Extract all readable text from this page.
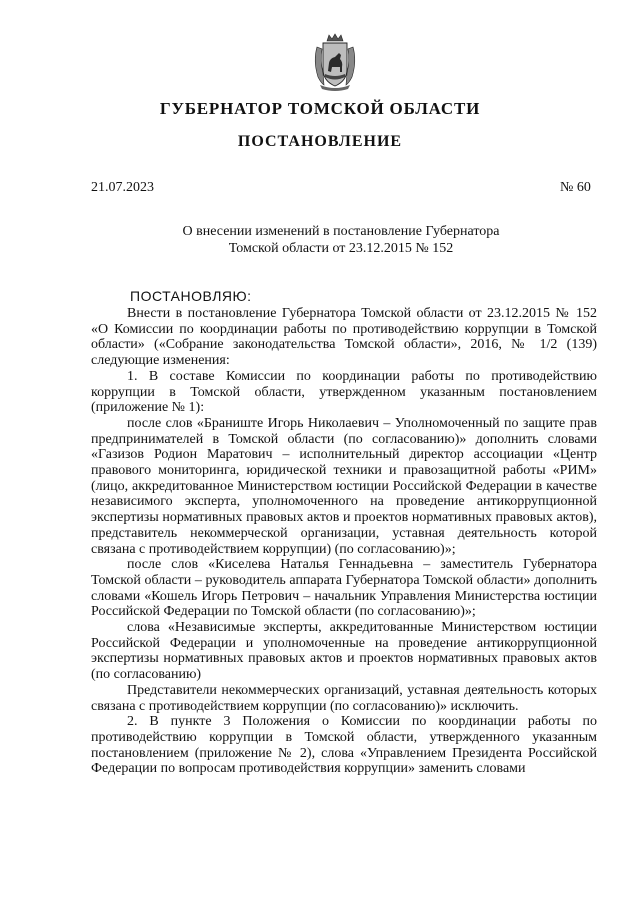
ГУБЕРНАТОР ТОМСКОЙ ОБЛАСТИ
ПОСТАНОВЛЕНИЕ
21.07.2023	№ 60
О внесении изменений в постановление Губернатора
Томской области от 23.12.2015 № 152
ПОСТАНОВЛЯЮ:

Внести в постановление Губернатора Томской области от 23.12.2015 № 152 «О Комиссии по координации работы по противодействию коррупции в Томской области» («Собрание законодательства Томской области», 2016, № 1/2 (139) следующие изменения:

1. В составе Комиссии по координации работы по противодействию коррупции в Томской области, утвержденном указанным постановлением (приложение № 1):

после слов «Браниште Игорь Николаевич – Уполномоченный по защите прав предпринимателей в Томской области (по согласованию)» дополнить словами «Газизов Родион Маратович – исполнительный директор ассоциации «Центр правового мониторинга, юридической техники и правозащитной работы «РИМ» (лицо, аккредитованное Министерством юстиции Российской Федерации в качестве независимого эксперта, уполномоченного на проведение антикоррупционной экспертизы нормативных правовых актов и проектов нормативных правовых актов), представитель некоммерческой организации, уставная деятельность которой связана с противодействием коррупции) (по согласованию)»;

после слов «Киселева Наталья Геннадьевна – заместитель Губернатора Томской области – руководитель аппарата Губернатора Томской области» дополнить словами «Кошель Игорь Петрович – начальник Управления Министерства юстиции Российской Федерации по Томской области (по согласованию)»;

слова «Независимые эксперты, аккредитованные Министерством юстиции Российской Федерации и уполномоченные на проведение антикоррупционной экспертизы нормативных правовых актов и проектов нормативных правовых актов (по согласованию)

Представители некоммерческих организаций, уставная деятельность которых связана с противодействием коррупции (по согласованию)» исключить.

2. В пункте 3 Положения о Комиссии по координации работы по противодействию коррупции в Томской области, утвержденного указанным постановлением (приложение № 2), слова «Управлением Президента Российской Федерации по вопросам противодействия коррупции» заменить словами
